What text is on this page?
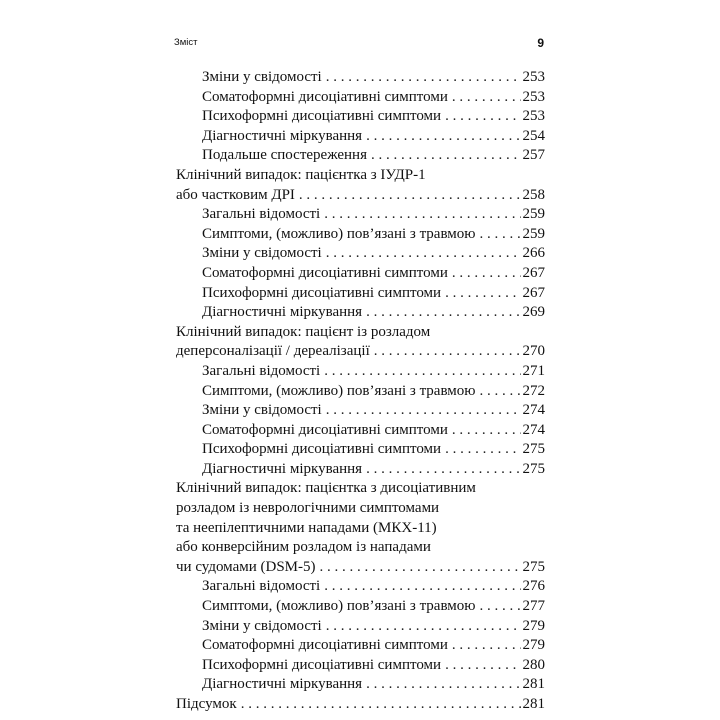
Зміст	9
Зміни у свідомості . . .	253
Соматоформні дисоціативні симптоми . . .	253
Психоформні дисоціативні симптоми . . .	253
Діагностичні міркування . . .	254
Подальше спостереження . . .	257
Клінічний випадок: пацієнтка з ІУДР-1
або частковим ДРІ . . .	258
Загальні відомості . . .	259
Симптоми, (можливо) пов’язані з травмою . . .	259
Зміни у свідомості . . .	266
Соматоформні дисоціативні симптоми . . .	267
Психоформні дисоціативні симптоми . . .	267
Діагностичні міркування . . .	269
Клінічний випадок: пацієнт із розладом
деперсоналізації / дереалізації . . .	270
Загальні відомості . . .	271
Симптоми, (можливо) пов’язані з травмою . . .	272
Зміни у свідомості . . .	274
Соматоформні дисоціативні симптоми . . .	274
Психоформні дисоціативні симптоми . . .	275
Діагностичні міркування . . .	275
Клінічний випадок: пацієнтка з дисоціативним
розладом із неврологічними симптомами
та неепілептичними нападами (МКХ-11)
або конверсійним розладом із нападами
чи судомами (DSM-5) . . .	275
Загальні відомості . . .	276
Симптоми, (можливо) пов’язані з травмою . . .	277
Зміни у свідомості . . .	279
Соматоформні дисоціативні симптоми . . .	279
Психоформні дисоціативні симптоми . . .	280
Діагностичні міркування . . .	281
Підсумок . . .	281
